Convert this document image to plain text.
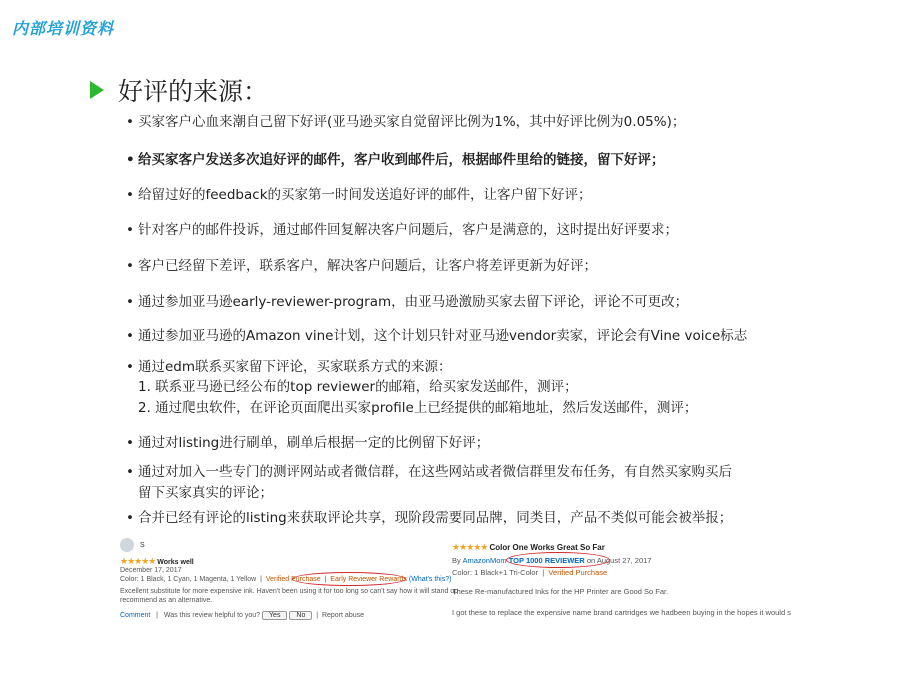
内部培训资料
好评的来源：
• 买家客户心血来潮自己留下好评(亚马逊买家自觉留评比例为1%，其中好评比例为0.05%)；
• 给买家客户发送多次追好评的邮件，客户收到邮件后，根据邮件里给的链接，留下好评；
• 给留过好的feedback的买家第一时间发送追好评的邮件，让客户留下好评；
• 针对客户的邮件投诉，通过邮件回复解决客户问题后，客户是满意的，这时提出好评要求；
• 客户已经留下差评，联系客户，解决客户问题后，让客户将差评更新为好评；
• 通过参加亚马逊early-reviewer-program，由亚马逊激励买家去留下评论，评论不可更改；
• 通过参加亚马逊的Amazon vine计划，这个计划只针对亚马逊vendor卖家，评论会有Vine voice标志
• 通过edm联系买家留下评论，买家联系方式的来源：
1. 联系亚马逊已经公布的top reviewer的邮箱，给买家发送邮件，测评；
2. 通过爬虫软件，在评论页面爬出买家profile上已经提供的邮箱地址，然后发送邮件，测评；
• 通过对listing进行刷单，刷单后根据一定的比例留下好评；
• 通过对加入一些专门的测评网站或者微信群，在这些网站或者微信群里发布任务，有自然买家购买后
留下买家真实的评论；
• 合并已经有评论的listing来获取评论共享，现阶段需要同品牌，同类目，产品不类似可能会被举报；
S
★★★★★ Works well
December 17, 2017
Color: 1 Black, 1 Cyan, 1 Magenta, 1 Yellow  |  Verified Purchase  |  Early Reviewer Rewards (What's this?)
Excellent substitute for more expensive ink. Haven't been using it for too long so can't say how it will stand up
recommend as an alternative.
Comment   |   Was this review helpful to you? Yes No  |  Report abuse
★★★★★ Color One Works Great So Far
By AmazonMom TOP 1000 REVIEWER on August 27, 2017
Color: 1 Black+1 Tri-Color  |  Verified Purchase
These Re-manufactured Inks for the HP Printer are Good So Far.
I got these to replace the expensive name brand cartridges we hadbeen buying in the hopes it would s
